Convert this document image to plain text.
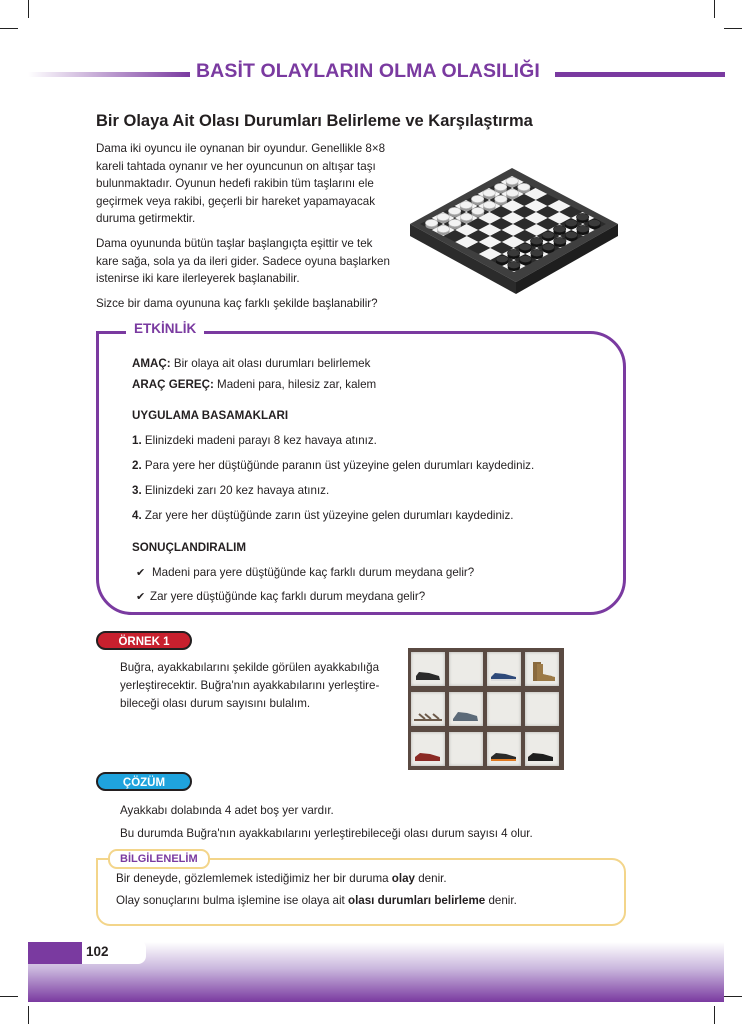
BASİT OLAYLARIN OLMA OLASILIĞI
Bir Olaya Ait Olası Durumları Belirleme ve Karşılaştırma
Dama iki oyuncu ile oynanan bir oyundur. Genellikle 8×8
kareli tahtada oynanır ve her oyuncunun on altışar taşı
bulunmaktadır. Oyunun hedefi rakibin tüm taşlarını ele
geçirmek veya rakibi, geçerli bir hareket yapamayacak
duruma getirmektir.
Dama oyununda bütün taşlar başlangıçta eşittir ve tek
kare sağa, sola ya da ileri gider. Sadece oyuna başlarken
istenirse iki kare ilerleyerek başlanabilir.
Sizce bir dama oyununa kaç farklı şekilde başlanabilir?
ETKİNLİK
AMAÇ: Bir olaya ait olası durumları belirlemek
ARAÇ GEREÇ: Madeni para, hilesiz zar, kalem
UYGULAMA BASAMAKLARI
1. Elinizdeki madeni parayı 8 kez havaya atınız.
2. Para yere her düştüğünde paranın üst yüzeyine gelen durumları kaydediniz.
3. Elinizdeki zarı 20 kez havaya atınız.
4. Zar yere her düştüğünde zarın üst yüzeyine gelen durumları kaydediniz.
SONUÇLANDIRALIM
✔ Madeni para yere düştüğünde kaç farklı durum meydana gelir?
✔ Zar yere düştüğünde kaç farklı durum meydana gelir?
ÖRNEK 1
Buğra, ayakkabılarını şekilde görülen ayakkabılığa
yerleştirecektir. Buğra'nın ayakkabılarını yerleştire-
bileceği olası durum sayısını bulalım.
ÇÖZÜM
Ayakkabı dolabında 4 adet boş yer vardır.
Bu durumda Buğra'nın ayakkabılarını yerleştirebileceği olası durum sayısı 4 olur.
BİLGİLENELİM
Bir deneyde, gözlemlemek istediğimiz her bir duruma olay denir.
Olay sonuçlarını bulma işlemine ise olaya ait olası durumları belirleme denir.
102
